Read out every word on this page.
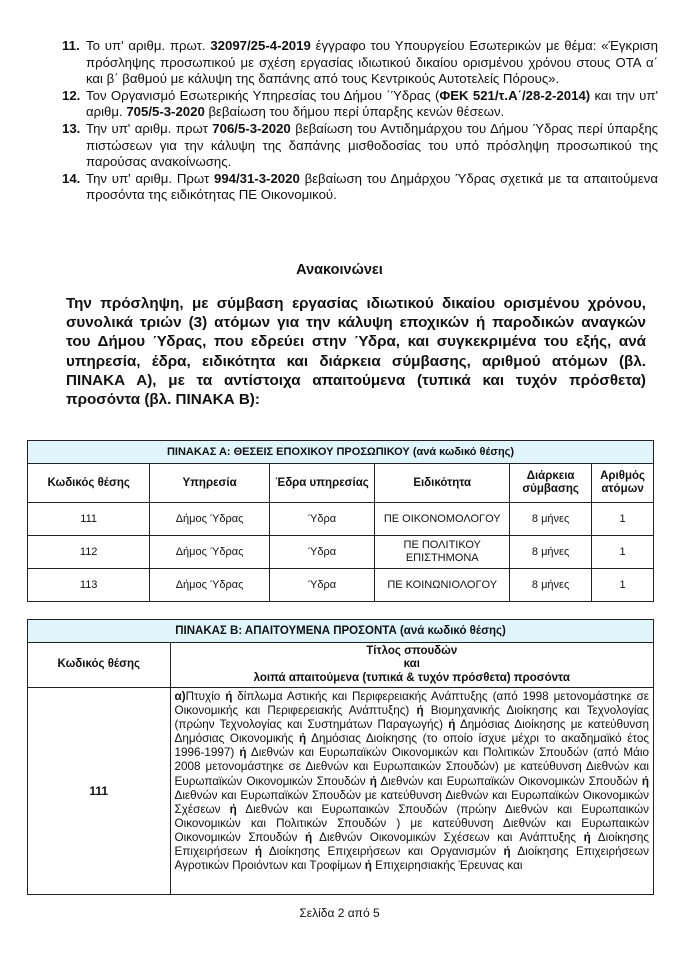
11. Το υπ' αριθμ. πρωτ. 32097/25-4-2019 έγγραφο του Υπουργείου Εσωτερικών με θέμα: «Έγκριση πρόσληψης προσωπικού με σχέση εργασίας ιδιωτικού δικαίου ορισμένου χρόνου στους ΟΤΑ α΄ και β΄ βαθμού με κάλυψη της δαπάνης από τους Κεντρικούς Αυτοτελείς Πόρους».
12. Τον Οργανισμό Εσωτερικής Υπηρεσίας του Δήμου ΄Ύδρας (ΦΕΚ 521/τ.Α΄/28-2-2014) και την υπ' αριθμ. 705/5-3-2020 βεβαίωση του δήμου περί ύπαρξης κενών θέσεων.
13. Την υπ' αριθμ. πρωτ 706/5-3-2020 βεβαίωση του Αντιδημάρχου του Δήμου Ύδρας περί ύπαρξης πιστώσεων για την κάλυψη της δαπάνης μισθοδοσίας του υπό πρόσληψη προσωπικού της παρούσας ανακοίνωσης.
14. Την υπ' αριθμ. Πρωτ 994/31-3-2020 βεβαίωση του Δημάρχου Ύδρας σχετικά με τα απαιτούμενα προσόντα της ειδικότητας ΠΕ Οικονομικού.
Ανακοινώνει
Την πρόσληψη, με σύμβαση εργασίας ιδιωτικού δικαίου ορισμένου χρόνου, συνολικά τριών (3) ατόμων για την κάλυψη εποχικών ή παροδικών αναγκών του Δήμου Ύδρας, που εδρεύει στην Ύδρα, και συγκεκριμένα του εξής, ανά υπηρεσία, έδρα, ειδικότητα και διάρκεια σύμβασης, αριθμού ατόμων (βλ. ΠΙΝΑΚΑ Α), με τα αντίστοιχα απαιτούμενα (τυπικά και τυχόν πρόσθετα) προσόντα (βλ. ΠΙΝΑΚΑ Β):
ΠΙΝΑΚΑΣ Α: ΘΕΣΕΙΣ ΕΠΟΧΙΚΟΥ ΠΡΟΣΩΠΙΚΟΥ (ανά κωδικό θέσης)					
Κωδικός θέσης	Υπηρεσία	Έδρα υπηρεσίας	Ειδικότητα	Διάρκεια σύμβασης	Αριθμός ατόμων
111	Δήμος Ύδρας	Ύδρα	ΠΕ ΟΙΚΟΝΟΜΟΛΟΓΟΥ	8 μήνες	1
112	Δήμος Ύδρας	Ύδρα	ΠΕ ΠΟΛΙΤΙΚΟΥ ΕΠΙΣΤΗΜΟΝΑ	8 μήνες	1
113	Δήμος Ύδρας	Ύδρα	ΠΕ ΚΟΙΝΩΝΙΟΛΟΓΟΥ	8 μήνες	1
ΠΙΝΑΚΑΣ Β: ΑΠΑΙΤΟΥΜΕΝΑ ΠΡΟΣΟΝΤΑ (ανά κωδικό θέσης)	
Κωδικός θέσης	Τίτλος σπουδών
και
λοιπά απαιτούμενα (τυπικά & τυχόν πρόσθετα) προσόντα

111	α)Πτυχίο ή δίπλωμα Αστικής και Περιφερειακής Ανάπτυξης (από 1998 μετονομάστηκε σε Οικονομικής και Περιφερειακής Ανάπτυξης) ή Βιομηχανικής Διοίκησης και Τεχνολογίας (πρώην Τεχνολογίας και Συστημάτων Παραγωγής) ή Δημόσιας Διοίκησης με κατεύθυνση Δημόσιας Οικονομικής ή Δημόσιας Διοίκησης (το οποίο ίσχυε μέχρι το ακαδημαϊκό έτος 1996-1997) ή Διεθνών και Ευρωπαϊκών Οικονομικών και Πολιτικών Σπουδών (από Μάιο 2008 μετονομάστηκε σε Διεθνών και Ευρωπαικών Σπουδών) με κατεύθυνση Διεθνών και Ευρωπαϊκών Οικονομικών Σπουδών ή Διεθνών και Ευρωπαϊκών Οικονομικών Σπουδών ή Διεθνών και Ευρωπαϊκών Σπουδών με κατεύθυνση Διεθνών και Ευρωπαϊκών Οικονομικών Σχέσεων ή Διεθνών και Ευρωπαικών Σπουδών (πρώην Διεθνών και Ευρωπαικών Οικονομικών και Πολιτικών Σπουδών ) με κατεύθυνση Διεθνών και Ευρωπαικών Οικονομικών Σπουδών ή Διεθνών Οικονομικών Σχέσεων και Ανάπτυξης ή Διοίκησης Επιχειρήσεων ή Διοίκησης Επιχειρήσεων και Οργανισμών ή Διοίκησης Επιχειρήσεων Αγροτικών Προιόντων και Τροφίμων ή Επιχειρησιακής Έρευνας και
Σελίδα 2 από 5
